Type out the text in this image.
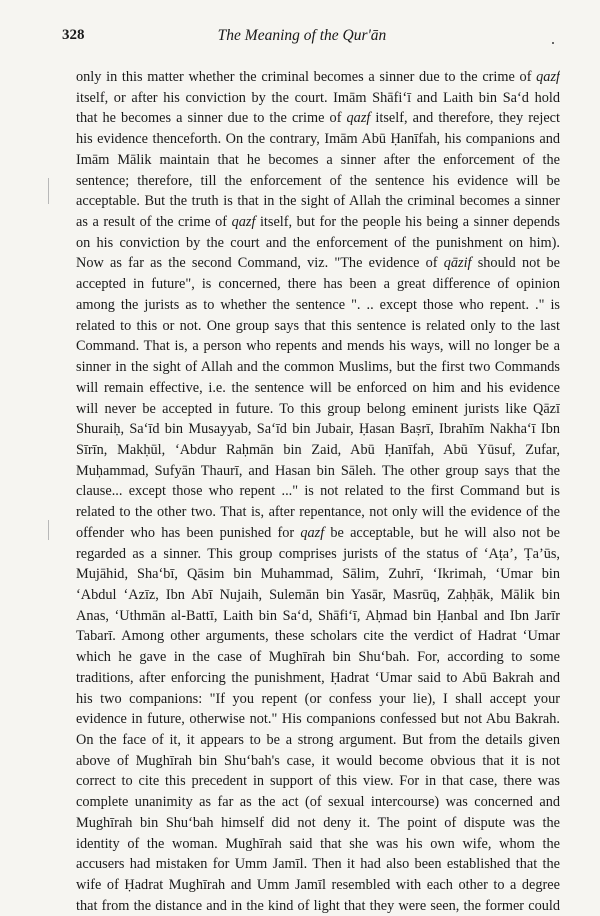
328	The Meaning of the Qur'ān
only in this matter whether the criminal becomes a sinner due to the crime of qazf
itself, or after his conviction by the court. Imām Shāfi‘ī and Laith bin Sa‘d hold
that he becomes a sinner due to the crime of qazf itself, and therefore, they reject
his evidence thenceforth. On the contrary, Imām Abū Ḥanīfah, his companions and
Imām Mālik maintain that he becomes a sinner after the enforcement of the
sentence; therefore, till the enforcement of the sentence his evidence will be
acceptable. But the truth is that in the sight of Allah the criminal becomes a sinner
as a result of the crime of qazf itself, but for the people his being a sinner depends
on his conviction by the court and the enforcement of the punishment on him).
Now as far as the second Command, viz. "The evidence of qāzif should not be
accepted in future", is concerned, there has been a great difference of opinion
among the jurists as to whether the sentence ". .. except those who repent. ." is
related to this or not. One group says that this sentence is related only to the last
Command. That is, a person who repents and mends his ways, will no longer be a
sinner in the sight of Allah and the common Muslims, but the first two Commands
will remain effective, i.e. the sentence will be enforced on him and his evidence
will never be accepted in future. To this group belong eminent jurists like Qāzī
Shuraiḥ, Sa‘īd bin Musayyab, Sa‘īd bin Jubair, Ḥasan Baṣrī, Ibrahīm Nakha‘ī Ibn
Sīrīn, Makḥūl, ‘Abdur Raḥmān bin Zaid, Abū Ḥanīfah, Abū Yūsuf, Zufar,
Muḥammad, Sufyān Thaurī, and Hasan bin Sāleh. The other group says that the
clause... except those who repent ..." is not related to the first Command but is
related to the other two. That is, after repentance, not only will the evidence of the
offender who has been punished for qazf be acceptable, but he will also not be
regarded as a sinner. This group comprises jurists of the status of ‘Aṭa’, Ṭa’ūs,
Mujāhid, Sha‘bī, Qāsim bin Muhammad, Sālim, Zuhrī, ‘Ikrimah, ‘Umar bin
‘Abdul ‘Azīz, Ibn Abī Nujaih, Sulemān bin Yasār, Masrūq, Zaḥḥāk, Mālik bin
Anas, ‘Uthmān al-Battī, Laith bin Sa‘d, Shāfi‘ī, Aḥmad bin Ḥanbal and Ibn Jarīr
Tabarī. Among other arguments, these scholars cite the verdict of Hadrat ‘Umar
which he gave in the case of Mughīrah bin Shu‘bah. For, according to some
traditions, after enforcing the punishment, Ḥadrat ‘Umar said to Abū Bakrah and
his two companions: "If you repent (or confess your lie), I shall accept your
evidence in future, otherwise not." His companions confessed but not Abu Bakrah.
On the face of it, it appears to be a strong argument. But from the details given
above of Mughīrah bin Shu‘bah's case, it would become obvious that it is not
correct to cite this precedent in support of this view. For in that case, there was
complete unanimity as far as the act (of sexual intercourse) was concerned and
Mughīrah bin Shu‘bah himself did not deny it. The point of dispute was the
identity of the woman. Mughīrah said that she was his own wife, whom the
accusers had mistaken for Umm Jamīl. Then it had also been established that the
wife of Ḥadrat Mughīrah and Umm Jamīl resembled with each other to a degree
that from the distance and in the kind of light that they were seen, the former could
